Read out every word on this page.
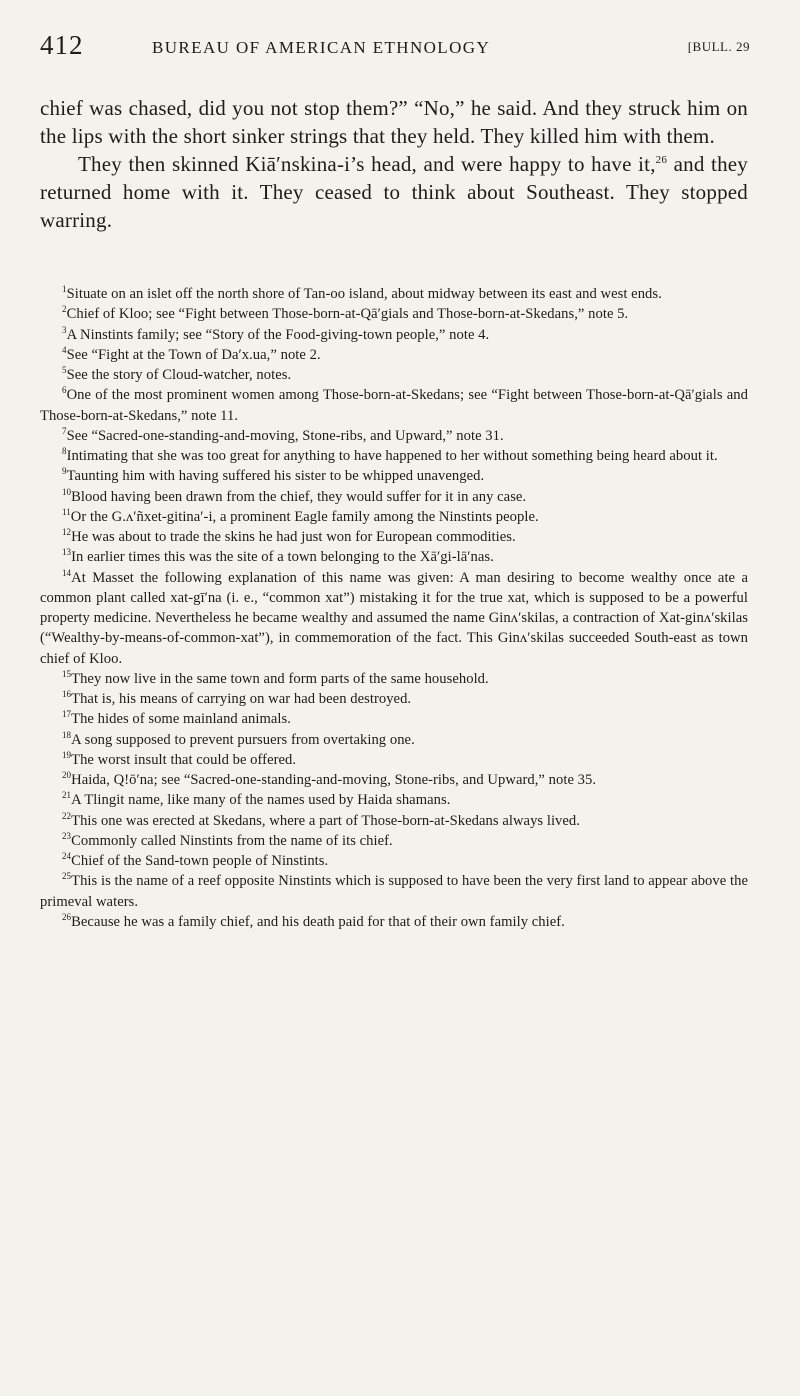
412	BUREAU OF AMERICAN ETHNOLOGY	[BULL. 29

chief was chased, did you not stop them?” “No,” he said. And they struck him on the lips with the short sinker strings that they held. They killed him with them.

They then skinned Kiā′nskina-i’s head, and were happy to have it,$^{26}$ and they returned home with it. They ceased to think about Southeast. They stopped warring.

$^1$Situate on an islet off the north shore of Tan-oo island, about midway between its east and west ends.

$^2$Chief of Kloo; see “Fight between Those-born-at-Qā′gials and Those-born-at-Skedans,” note 5.

$^3$A Ninstints family; see “Story of the Food-giving-town people,” note 4.

$^4$See “Fight at the Town of Da′x.ua,” note 2.

$^5$See the story of Cloud-watcher, notes.

$^6$One of the most prominent women among Those-born-at-Skedans; see “Fight between Those-born-at-Qā′gials and Those-born-at-Skedans,” note 11.

$^7$See “Sacred-one-standing-and-moving, Stone-ribs, and Upward,” note 31.

$^8$Intimating that she was too great for anything to have happened to her without something being heard about it.

$^9$Taunting him with having suffered his sister to be whipped unavenged.

$^{10}$Blood having been drawn from the chief, they would suffer for it in any case.

$^{11}$Or the G.ʌ′ñxet-gitina′-i, a prominent Eagle family among the Ninstints people.

$^{12}$He was about to trade the skins he had just won for European commodities.

$^{13}$In earlier times this was the site of a town belonging to the Xā′gi-lā′nas.

$^{14}$At Masset the following explanation of this name was given: A man desiring to become wealthy once ate a common plant called xat-gī′na (i. e., “common xat”) mistaking it for the true xat, which is supposed to be a powerful property medicine. Nevertheless he became wealthy and assumed the name Ginʌ′skilas, a contraction of Xat-ginʌ′skilas (“Wealthy-by-means-of-common-xat”), in commemoration of the fact. This Ginʌ′skilas succeeded South-east as town chief of Kloo.

$^{15}$They now live in the same town and form parts of the same household.

$^{16}$That is, his means of carrying on war had been destroyed.

$^{17}$The hides of some mainland animals.

$^{18}$A song supposed to prevent pursuers from overtaking one.

$^{19}$The worst insult that could be offered.

$^{20}$Haida, Q!ō′na; see “Sacred-one-standing-and-moving, Stone-ribs, and Upward,” note 35.

$^{21}$A Tlingit name, like many of the names used by Haida shamans.

$^{22}$This one was erected at Skedans, where a part of Those-born-at-Skedans always lived.

$^{23}$Commonly called Ninstints from the name of its chief.

$^{24}$Chief of the Sand-town people of Ninstints.

$^{25}$This is the name of a reef opposite Ninstints which is supposed to have been the very first land to appear above the primeval waters.

$^{26}$Because he was a family chief, and his death paid for that of their own family chief.
